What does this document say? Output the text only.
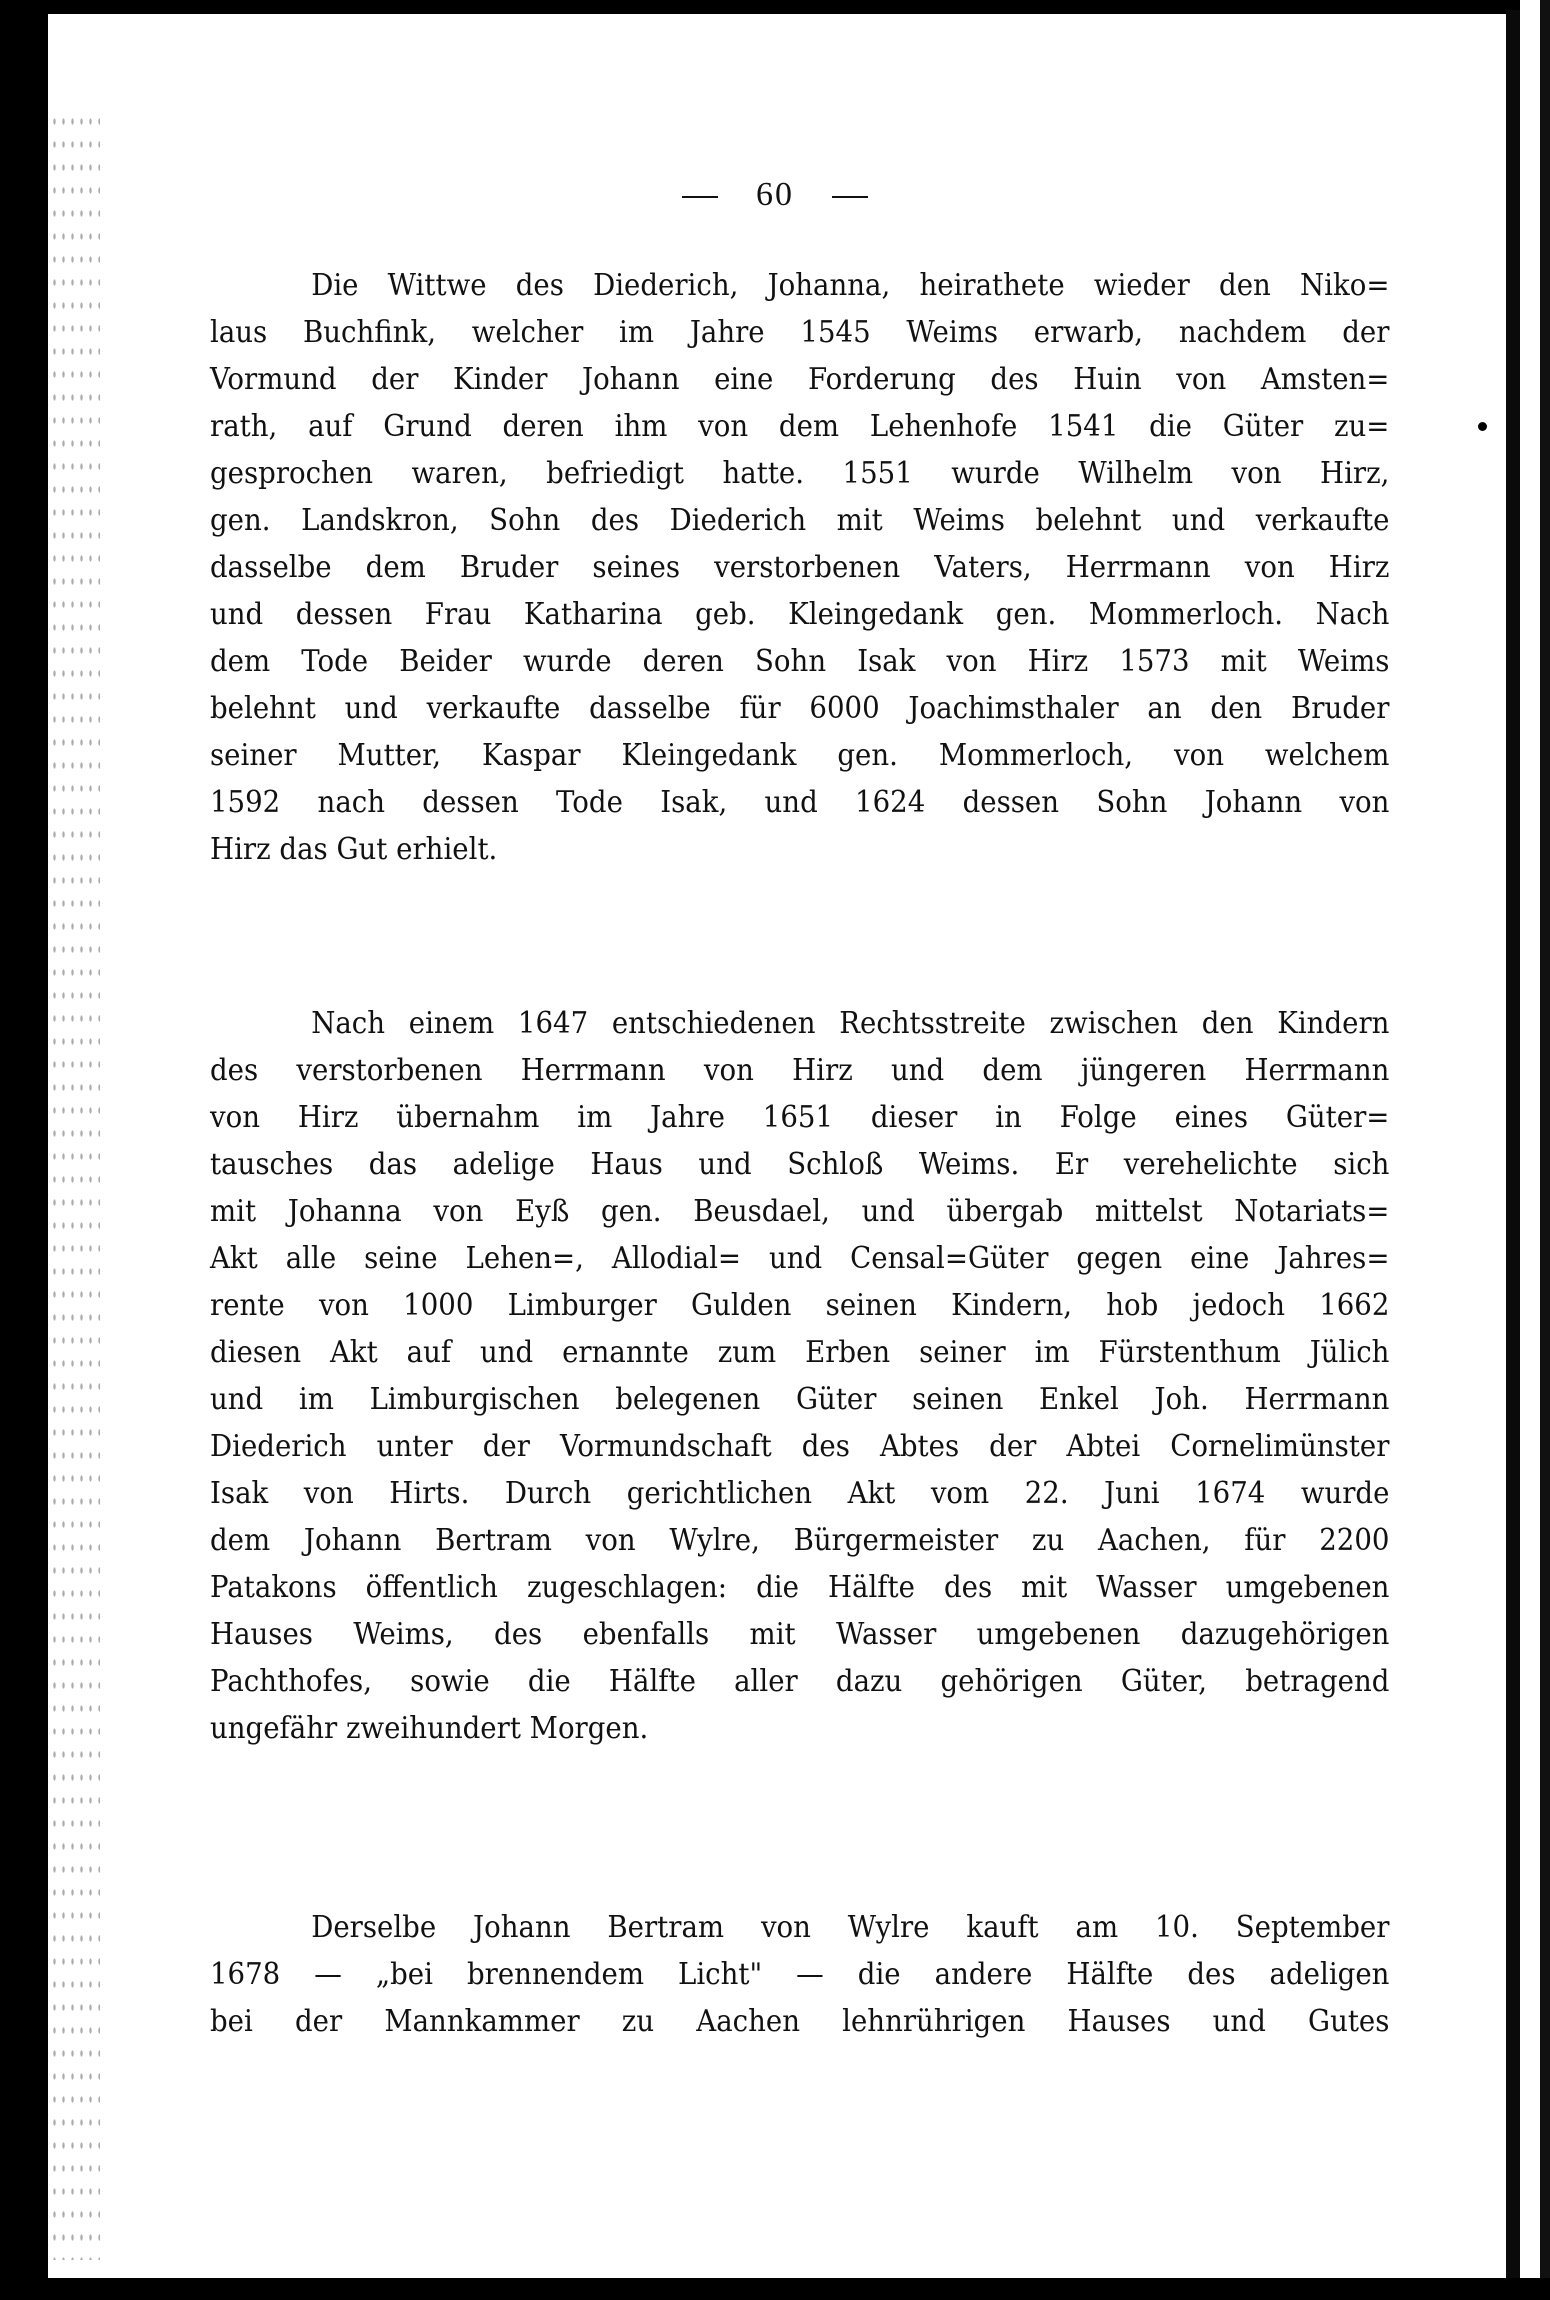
60
Die Wittwe des Diederich, Johanna, heirathete wieder den Niko=
laus Buchfink, welcher im Jahre 1545 Weims erwarb, nachdem der
Vormund der Kinder Johann eine Forderung des Huin von Amsten=
rath, auf Grund deren ihm von dem Lehenhofe 1541 die Güter zu=
gesprochen waren, befriedigt hatte. 1551 wurde Wilhelm von Hirz,
gen. Landskron, Sohn des Diederich mit Weims belehnt und verkaufte
dasselbe dem Bruder seines verstorbenen Vaters, Herrmann von Hirz
und dessen Frau Katharina geb. Kleingedank gen. Mommerloch. Nach
dem Tode Beider wurde deren Sohn Isak von Hirz 1573 mit Weims
belehnt und verkaufte dasselbe für 6000 Joachimsthaler an den Bruder
seiner Mutter, Kaspar Kleingedank gen. Mommerloch, von welchem
1592 nach dessen Tode Isak, und 1624 dessen Sohn Johann von
Hirz das Gut erhielt.
Nach einem 1647 entschiedenen Rechtsstreite zwischen den Kindern
des verstorbenen Herrmann von Hirz und dem jüngeren Herrmann
von Hirz übernahm im Jahre 1651 dieser in Folge eines Güter=
tausches das adelige Haus und Schloß Weims. Er verehelichte sich
mit Johanna von Eyß gen. Beusdael, und übergab mittelst Notariats=
Akt alle seine Lehen=, Allodial= und Censal=Güter gegen eine Jahres=
rente von 1000 Limburger Gulden seinen Kindern, hob jedoch 1662
diesen Akt auf und ernannte zum Erben seiner im Fürstenthum Jülich
und im Limburgischen belegenen Güter seinen Enkel Joh. Herrmann
Diederich unter der Vormundschaft des Abtes der Abtei Cornelimünster
Isak von Hirts. Durch gerichtlichen Akt vom 22. Juni 1674 wurde
dem Johann Bertram von Wylre, Bürgermeister zu Aachen, für 2200
Patakons öffentlich zugeschlagen: die Hälfte des mit Wasser umgebenen
Hauses Weims, des ebenfalls mit Wasser umgebenen dazugehörigen
Pachthofes, sowie die Hälfte aller dazu gehörigen Güter, betragend
ungefähr zweihundert Morgen.
Derselbe Johann Bertram von Wylre kauft am 10. September
1678 — „bei brennendem Licht" — die andere Hälfte des adeligen
bei der Mannkammer zu Aachen lehnrührigen Hauses und Gutes
